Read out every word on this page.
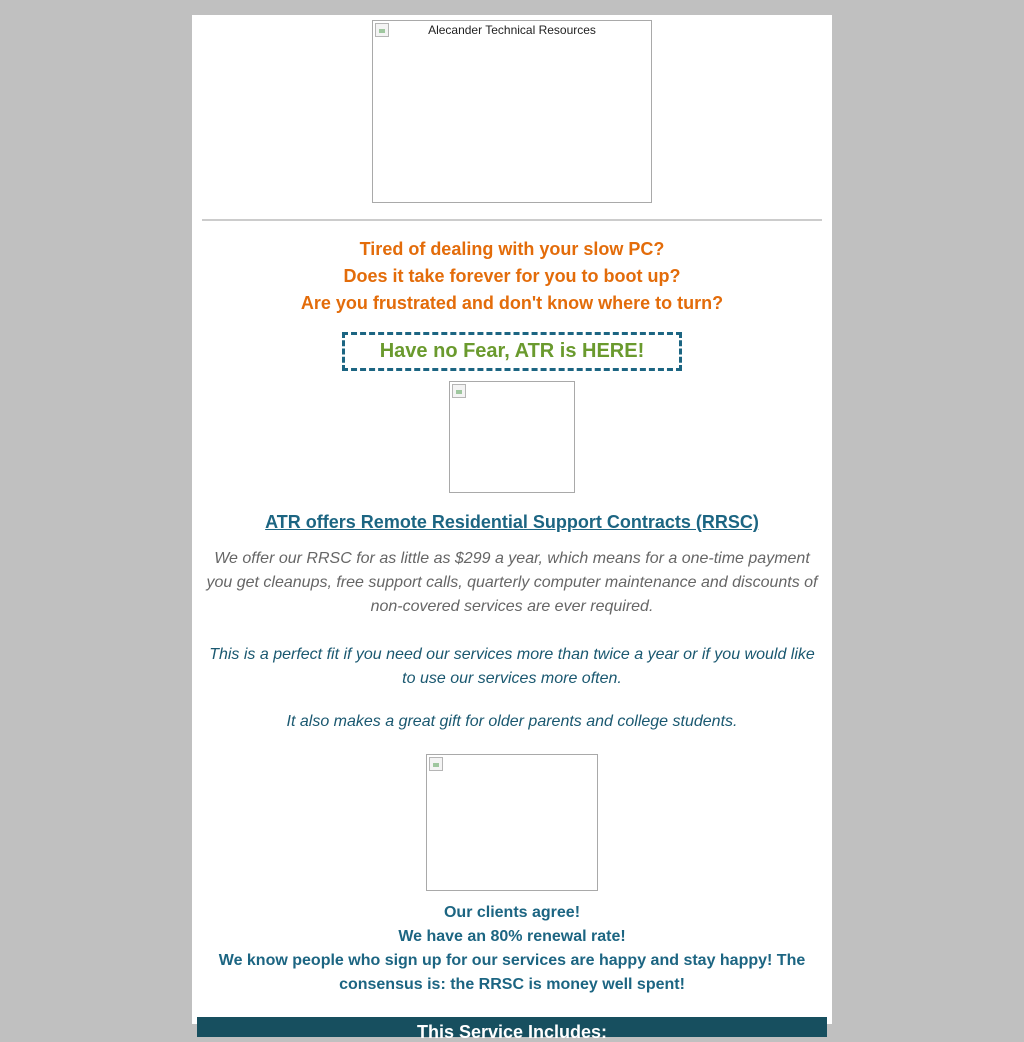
Alecander Technical Resources
Tired of dealing with your slow PC?
Does it take forever for you to boot up?
Are you frustrated and don't know where to turn?
Have no Fear, ATR is HERE!
ATR offers Remote Residential Support Contracts (RRSC)
We offer our RRSC for as little as $299 a year, which means for a one-time payment you get cleanups, free support calls, quarterly computer maintenance and discounts of non-covered services are ever required.
This is a perfect fit if you need our services more than twice a year or if you would like to use our services more often.
It also makes a great gift for older parents and college students.
Our clients agree!
We have an 80% renewal rate!
We know people who sign up for our services are happy and stay happy! The consensus is: the RRSC is money well spent!
This Service Includes:
